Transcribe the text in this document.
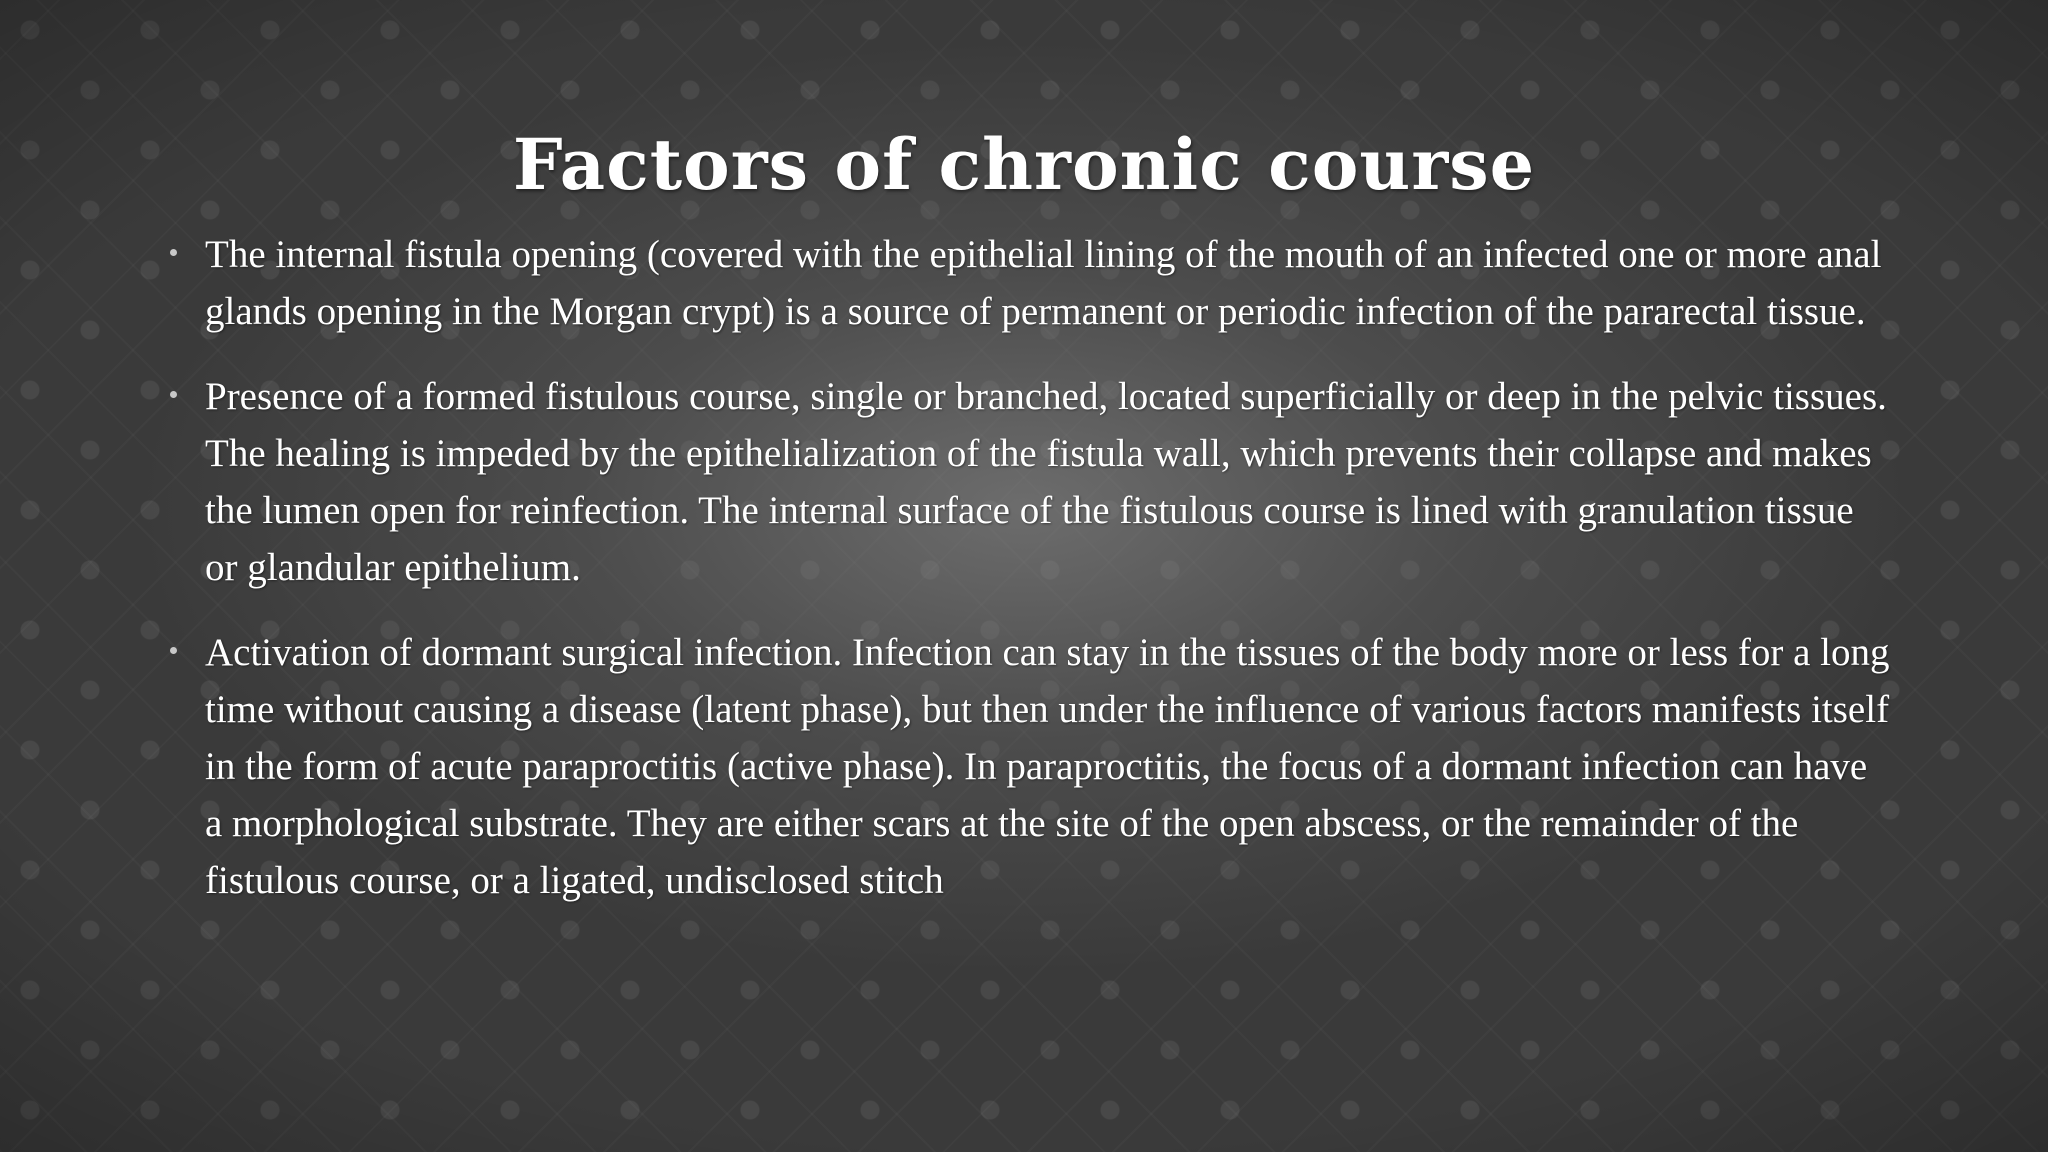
Factors of chronic course
The internal fistula opening (covered with the epithelial lining of the mouth of an infected one or more anal glands opening in the Morgan crypt) is a source of permanent or periodic infection of the pararectal tissue.
Presence of a formed fistulous course, single or branched, located superficially or deep in the pelvic tissues. The healing is impeded by the epithelialization of the fistula wall, which prevents their collapse and makes the lumen open for reinfection. The internal surface of the fistulous course is lined with granulation tissue or glandular epithelium.
Activation of dormant surgical infection. Infection can stay in the tissues of the body more or less for a long time without causing a disease (latent phase), but then under the influence of various factors manifests itself in the form of acute paraproctitis (active phase). In paraproctitis, the focus of a dormant infection can have a morphological substrate. They are either scars at the site of the open abscess, or the remainder of the fistulous course, or a ligated, undisclosed stitch
